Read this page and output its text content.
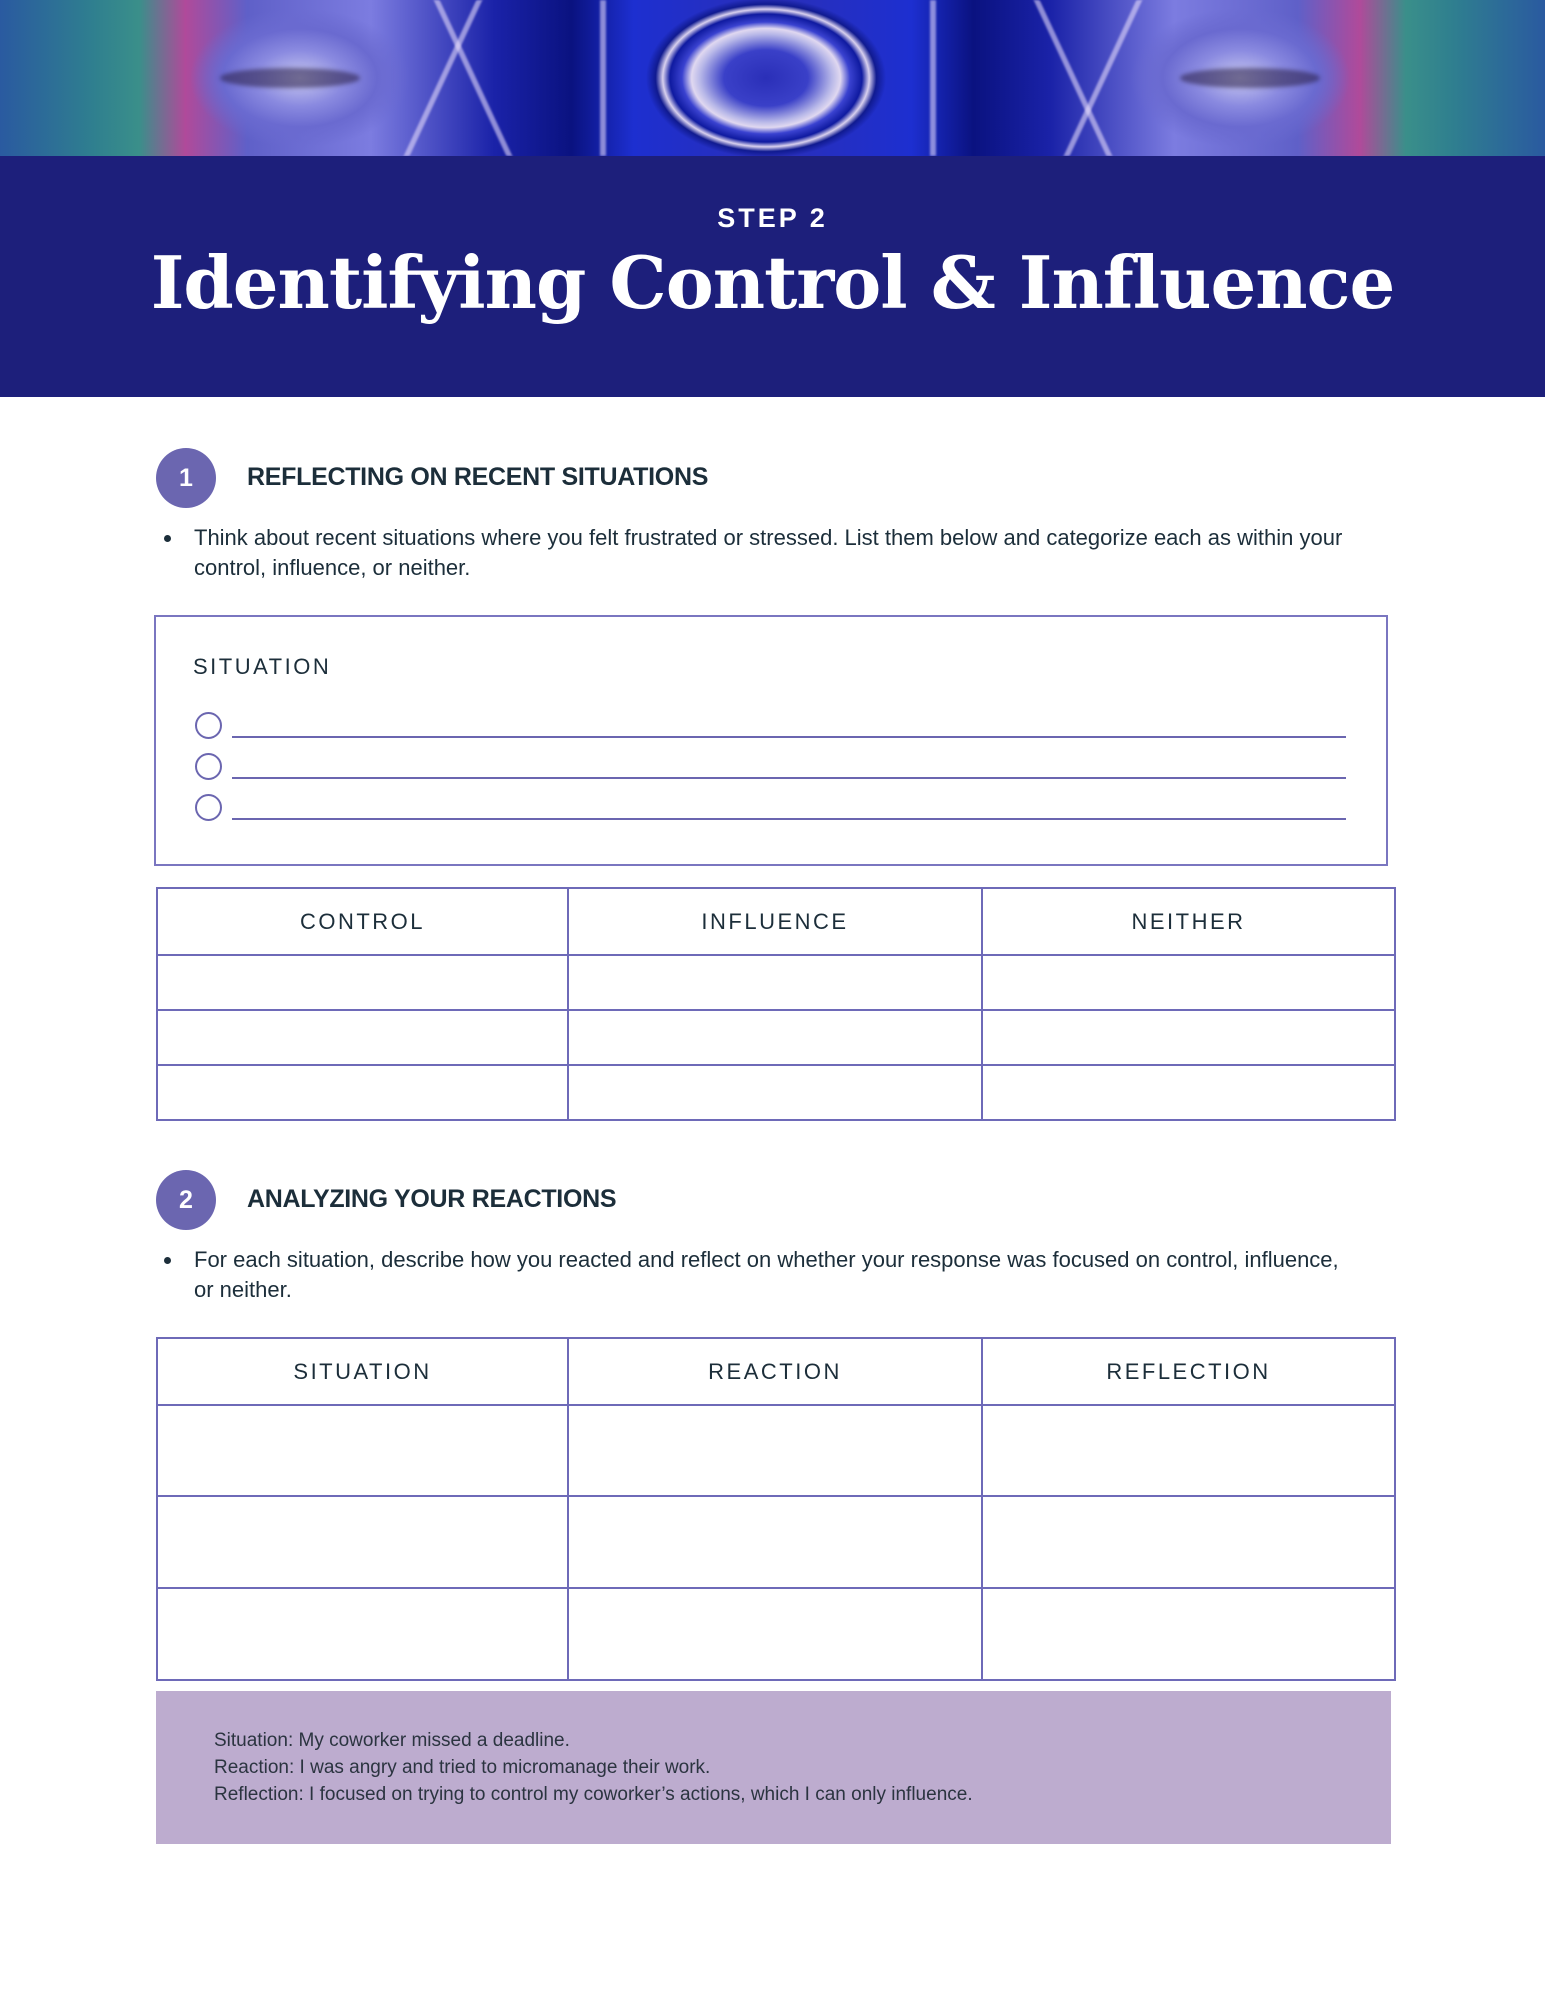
STEP 2
Identifying Control & Influence
1	REFLECTING ON RECENT SITUATIONS
Think about recent situations where you felt frustrated or stressed. List them below and categorize each as within your
control, influence, or neither.
SITUATION
CONTROL	INFLUENCE	NEITHER

2	ANALYZING YOUR REACTIONS
For each situation, describe how you reacted and reflect on whether your response was focused on control, influence,
or neither.
SITUATION	REACTION	REFLECTION

Situation: My coworker missed a deadline.
Reaction: I was angry and tried to micromanage their work.
Reflection: I focused on trying to control my coworker’s actions, which I can only influence.
